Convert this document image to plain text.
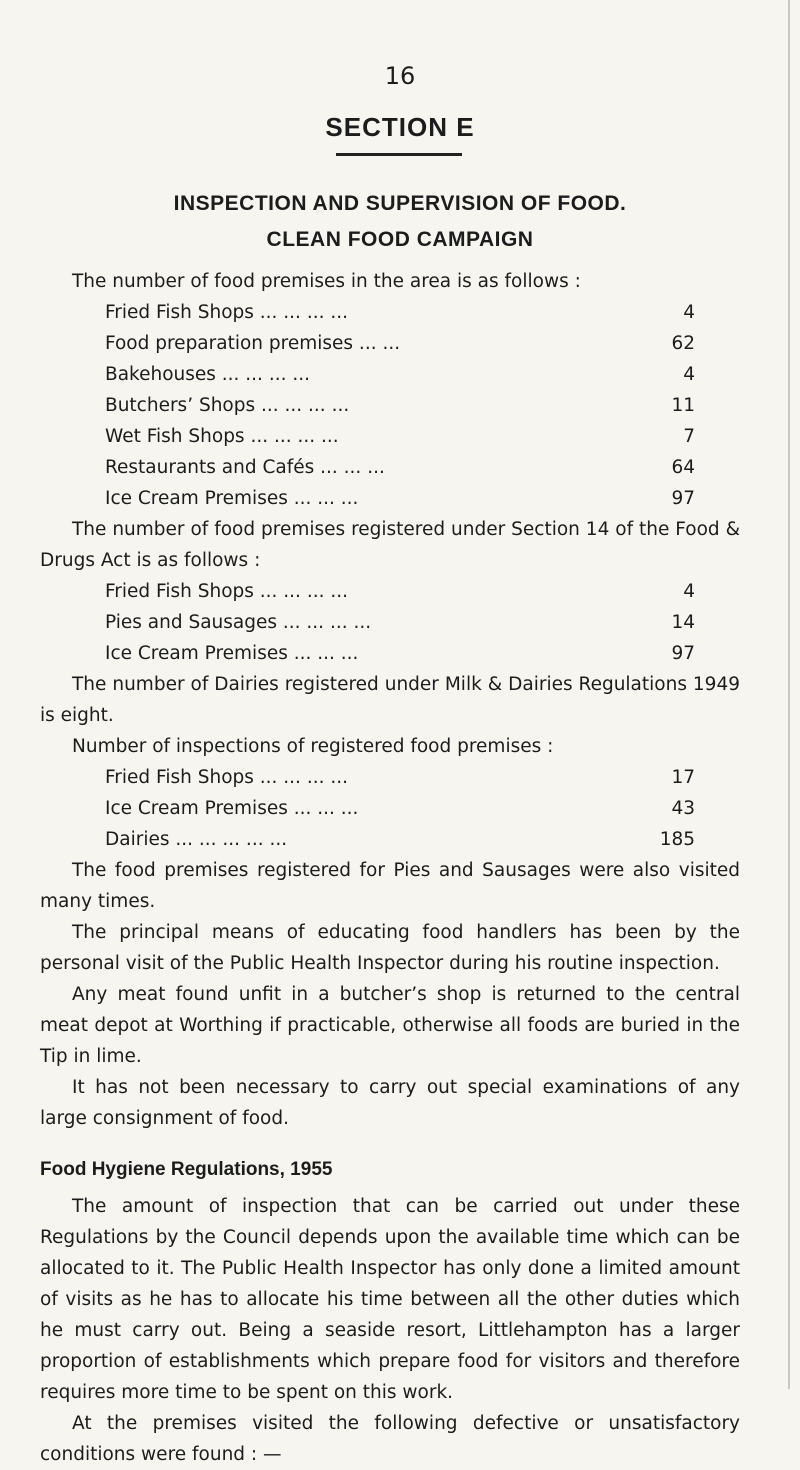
16
SECTION E
INSPECTION AND SUPERVISION OF FOOD.
CLEAN FOOD CAMPAIGN

The number of food premises in the area is as follows :

Fried Fish Shops ... ... ... ...	4
Food preparation premises ... ...	62
Bakehouses ... ... ... ...	4
Butchers’ Shops ... ... ... ...	11
Wet Fish Shops ... ... ... ...	7
Restaurants and Cafés ... ... ...	64
Ice Cream Premises ... ... ...	97

The number of food premises registered under Section 14 of the Food & Drugs Act is as follows :

Fried Fish Shops ... ... ... ...	4
Pies and Sausages ... ... ... ...	14
Ice Cream Premises ... ... ...	97

The number of Dairies registered under Milk & Dairies Regulations 1949 is eight.

Number of inspections of registered food premises :

Fried Fish Shops ... ... ... ...	17
Ice Cream Premises ... ... ...	43
Dairies ... ... ... ... ...	185

The food premises registered for Pies and Sausages were also visited many times.

The principal means of educating food handlers has been by the personal visit of the Public Health Inspector during his routine inspection.

Any meat found unfit in a butcher’s shop is returned to the central meat depot at Worthing if practicable, otherwise all foods are buried in the Tip in lime.

It has not been necessary to carry out special examinations of any large consignment of food.

Food Hygiene Regulations, 1955

The amount of inspection that can be carried out under these Regulations by the Council depends upon the available time which can be allocated to it. The Public Health Inspector has only done a limited amount of visits as he has to allocate his time between all the other duties which he must carry out. Being a seaside resort, Littlehampton has a larger proportion of establishments which prepare food for visitors and therefore requires more time to be spent on this work.

At the premises visited the following defective or unsatisfactory conditions were found : —
